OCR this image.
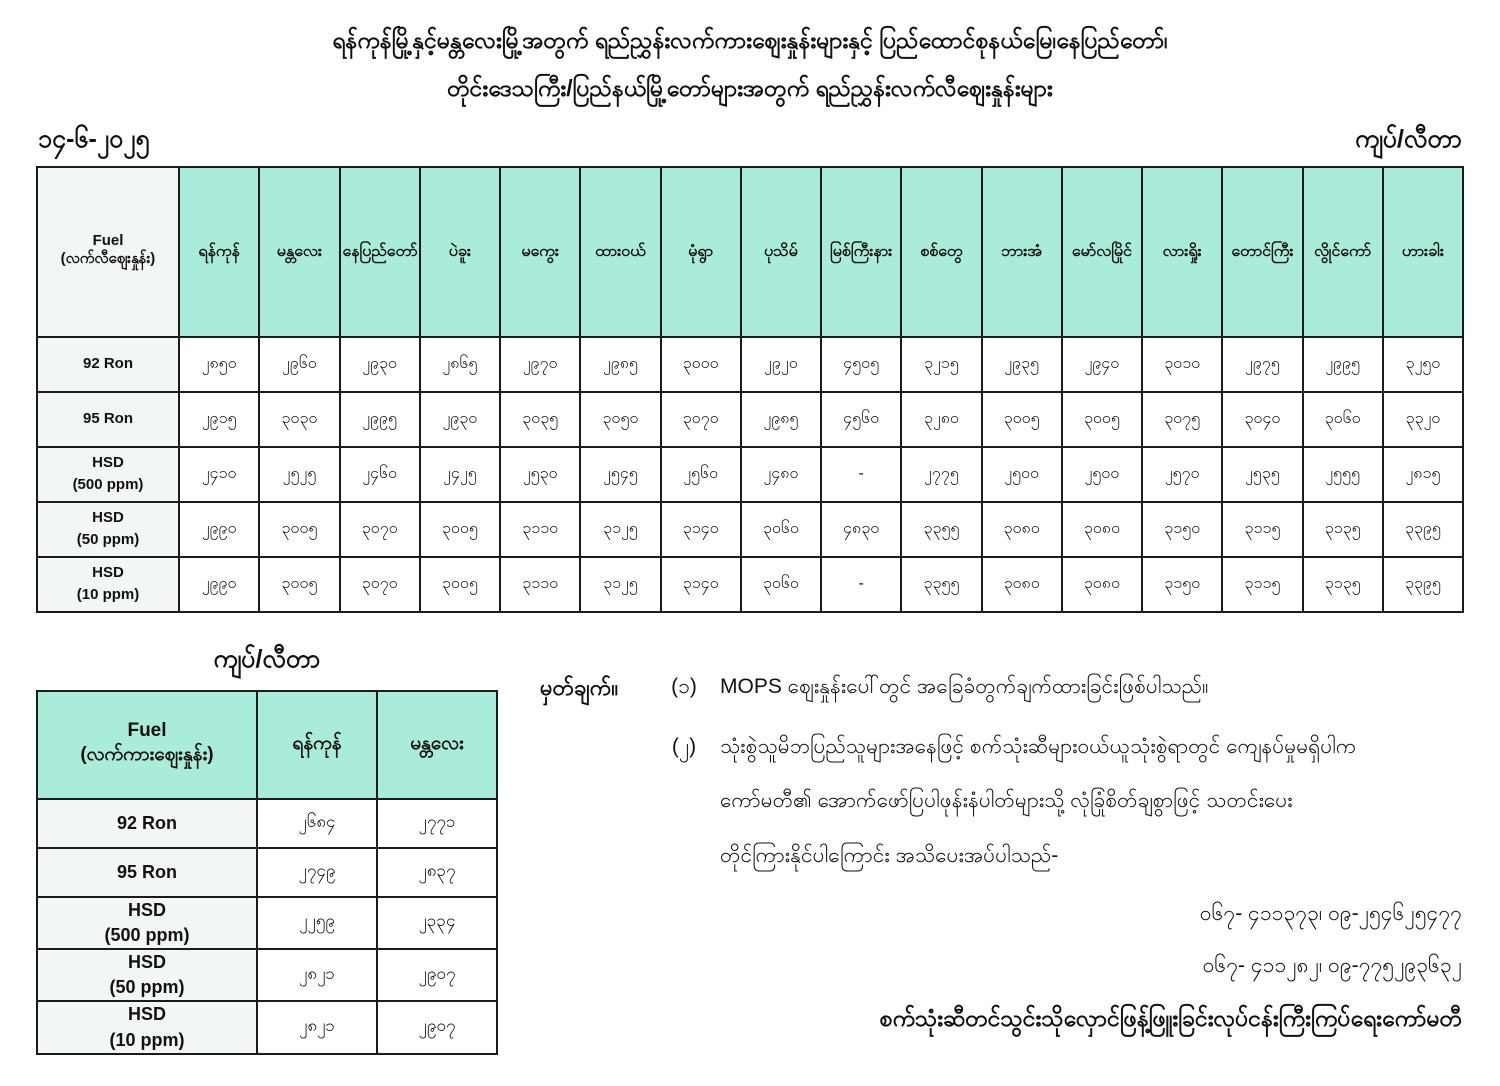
ရန်ကုန်မြို့နှင့်မန္တလေးမြို့အတွက် ရည်ညွှန်းလက်ကားဈေးနှုန်းများနှင့် ပြည်ထောင်စုနယ်မြေ၊နေပြည်တော်၊
တိုင်းဒေသကြီး/ပြည်နယ်မြို့တော်များအတွက် ရည်ညွှန်းလက်လီဈေးနှုန်းများ
၁၄-၆-၂၀၂၅	ကျပ်/လီတာ
Fuel
(လက်လီဈေးနှုန်း)	ရန်ကုန်	မန္တလေး	နေပြည်တော်	ပဲခူး	မကွေး	ထားဝယ်	မုံရွာ	ပုသိမ်	မြစ်ကြီးနား	စစ်တွေ	ဘားအံ	မော်လမြိုင်	လားရှိုး	တောင်ကြီး	လွိုင်ကော်	ဟားခါး

92 Ron	၂၈၅၀	၂၉၆၀	၂၉၃၀	၂၈၆၅	၂၉၇၀	၂၉၈၅	၃၀၀၀	၂၉၂၀	၄၅၀၅	၃၂၁၅	၂၉၃၅	၂၉၄၀	၃၀၁၀	၂၉၇၅	၂၉၉၅	၃၂၅၀

95 Ron	၂၉၁၅	၃၀၃၀	၂၉၉၅	၂၉၃၀	၃၀၃၅	၃၀၅၀	၃၀၇၀	၂၉၈၅	၄၅၆၀	၃၂၈၀	၃၀၀၅	၃၀၀၅	၃၀၇၅	၃၀၄၀	၃၀၆၀	၃၃၂၀

HSD
(500 ppm)	၂၄၁၀	၂၅၂၅	၂၄၆၀	၂၄၂၅	၂၅၃၀	၂၅၄၅	၂၅၆၀	၂၄၈၀	-	၂၇၇၅	၂၅၀၀	၂၅၀၀	၂၅၇၀	၂၅၃၅	၂၅၅၅	၂၈၁၅

HSD
(50 ppm)	၂၉၉၀	၃၀၀၅	၃၀၇၀	၃၀၀၅	၃၁၁၀	၃၁၂၅	၃၁၄၀	၃၀၆၀	၄၈၃၀	၃၃၅၅	၃၀၈၀	၃၀၈၀	၃၁၅၀	၃၁၁၅	၃၁၃၅	၃၃၉၅

HSD
(10 ppm)	၂၉၉၀	၃၀၀၅	၃၀၇၀	၃၀၀၅	၃၁၁၀	၃၁၂၅	၃၁၄၀	၃၀၆၀	-	၃၃၅၅	၃၀၈၀	၃၀၈၀	၃၁၅၀	၃၁၁၅	၃၁၃၅	၃၃၉၅
ကျပ်/လီတာ
Fuel
(လက်ကားဈေးနှုန်း)	ရန်ကုန်	မန္တလေး

92 Ron	၂၆၈၄	၂၇၇၁

95 Ron	၂၇၄၉	၂၈၃၇

HSD
(500 ppm)	၂၂၅၉	၂၃၃၄

HSD
(50 ppm)	၂၈၂၁	၂၉၀၇

HSD
(10 ppm)	၂၈၂၁	၂၉၀၇
မှတ်ချက်။	(၁)	MOPS ဈေးနှုန်းပေါ်တွင် အခြေခံတွက်ချက်ထားခြင်းဖြစ်ပါသည်။
(၂)	သုံးစွဲသူမိဘပြည်သူများအနေဖြင့် စက်သုံးဆီများဝယ်ယူသုံးစွဲရာတွင် ကျေနပ်မှုမရှိပါက
ကော်မတီ၏ အောက်ဖော်ပြပါဖုန်းနံပါတ်များသို့ လုံခြုံစိတ်ချစွာဖြင့် သတင်းပေး
တိုင်ကြားနိုင်ပါကြောင်း အသိပေးအပ်ပါသည်-
၀၆၇- ၄၁၁၃၇၃၊ ၀၉-၂၅၄၆၂၅၄၇၇
၀၆၇- ၄၁၁၂၈၂၊ ၀၉-၇၇၅၂၉၃၆၃၂
စက်သုံးဆီတင်သွင်းသိုလှောင်ဖြန့်ဖြူးခြင်းလုပ်ငန်းကြီးကြပ်ရေးကော်မတီ
